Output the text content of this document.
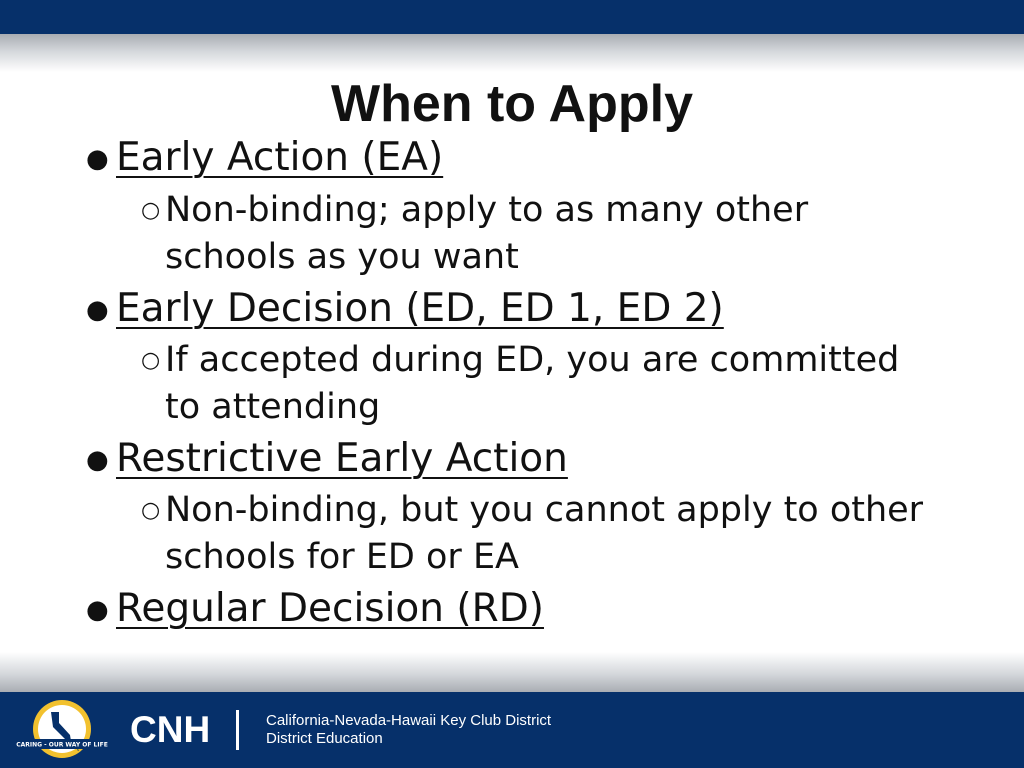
When to Apply
● Early Action (EA)
○ Non-binding; apply to as many other schools as you want
● Early Decision (ED, ED 1, ED 2)
○ If accepted during ED, you are committed to attending
● Restrictive Early Action
○ Non-binding, but you cannot apply to other schools for ED or EA
● Regular Decision (RD)
CARING - OUR WAY OF LIFE CNH	California-Nevada-Hawaii Key Club District
District Education
